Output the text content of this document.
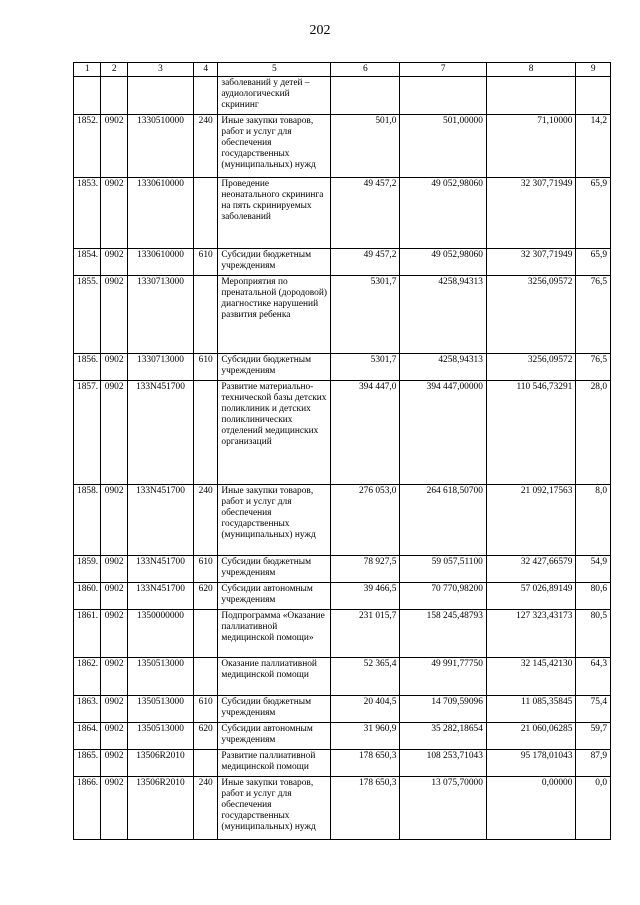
202
1	2	3	4	5	6	7	8	9
				заболеваний у детей – аудиологический скрининг				
1852.	0902	1330510000	240	Иные закупки товаров, работ и услуг для обеспечения государственных (муниципальных) нужд	501,0	501,00000	71,10000	14,2
1853.	0902	1330610000		Проведение неонатального скрининга на пять скринируемых заболеваний	49 457,2	49 052,98060	32 307,71949	65,9
1854.	0902	1330610000	610	Субсидии бюджетным учреждениям	49 457,2	49 052,98060	32 307,71949	65,9
1855.	0902	1330713000		Мероприятия по пренатальной (дородовой) диагностике нарушений развития ребенка	5301,7	4258,94313	3256,09572	76,5
1856.	0902	1330713000	610	Субсидии бюджетным учреждениям	5301,7	4258,94313	3256,09572	76,5
1857.	0902	133N451700		Развитие материально-технической базы детских поликлиник и детских поликлинических отделений медицинских организаций	394 447,0	394 447,00000	110 546,73291	28,0
1858.	0902	133N451700	240	Иные закупки товаров, работ и услуг для обеспечения государственных (муниципальных) нужд	276 053,0	264 618,50700	21 092,17563	8,0
1859.	0902	133N451700	610	Субсидии бюджетным учреждениям	78 927,5	59 057,51100	32 427,66579	54,9
1860.	0902	133N451700	620	Субсидии автономным учреждениям	39 466,5	70 770,98200	57 026,89149	80,6
1861.	0902	1350000000		Подпрограмма «Оказание паллиативной медицинской помощи»	231 015,7	158 245,48793	127 323,43173	80,5
1862.	0902	1350513000		Оказание паллиативной медицинской помощи	52 365,4	49 991,77750	32 145,42130	64,3
1863.	0902	1350513000	610	Субсидии бюджетным учреждениям	20 404,5	14 709,59096	11 085,35845	75,4
1864.	0902	1350513000	620	Субсидии автономным учреждениям	31 960,9	35 282,18654	21 060,06285	59,7
1865.	0902	13506R2010		Развитие паллиативной медицинской помощи	178 650,3	108 253,71043	95 178,01043	87,9
1866.	0902	13506R2010	240	Иные закупки товаров, работ и услуг для обеспечения государственных (муниципальных) нужд	178 650,3	13 075,70000	0,00000	0,0
